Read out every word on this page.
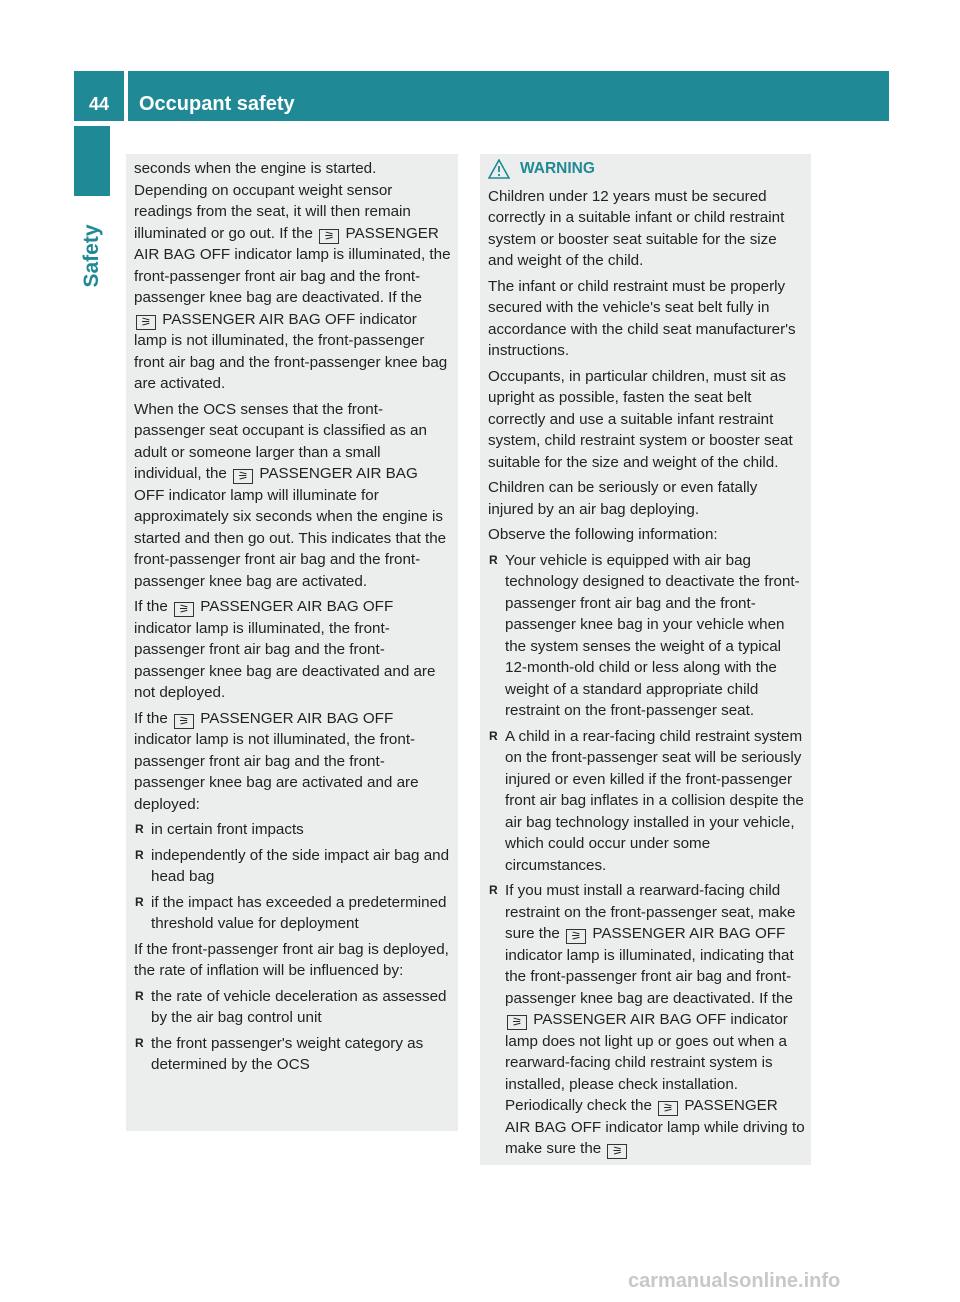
44	Occupant safety
Safety

seconds when the engine is started. Depending on occupant weight sensor readings from the seat, it will then remain illuminated or go out. If the ⚞ PASSENGER AIR BAG OFF indicator lamp is illuminated, the front-passenger front air bag and the front-passenger knee bag are deactivated. If the
⚞ PASSENGER AIR BAG OFF indicator lamp is not illuminated, the front-passenger front air bag and the front-passenger knee bag are activated.

When the OCS senses that the front-passenger seat occupant is classified as an adult or someone larger than a small individual, the ⚞ PASSENGER AIR BAG OFF indicator lamp will illuminate for approximately six seconds when the engine is started and then go out. This indicates that the front-passenger front air bag and the front-passenger knee bag are activated.

If the ⚞ PASSENGER AIR BAG OFF indicator lamp is illuminated, the front-passenger front air bag and the front-passenger knee bag are deactivated and are not deployed.

If the ⚞ PASSENGER AIR BAG OFF indicator lamp is not illuminated, the front-passenger front air bag and the front-passenger knee bag are activated and are deployed:

R in certain front impacts
R independently of the side impact air bag and head bag
R if the impact has exceeded a predetermined threshold value for deployment

If the front-passenger front air bag is deployed, the rate of inflation will be influenced by:

R the rate of vehicle deceleration as assessed by the air bag control unit
R the front passenger's weight category as determined by the OCS
WARNING

Children under 12 years must be secured correctly in a suitable infant or child restraint system or booster seat suitable for the size and weight of the child.

The infant or child restraint must be properly secured with the vehicle's seat belt fully in accordance with the child seat manufacturer's instructions.

Occupants, in particular children, must sit as upright as possible, fasten the seat belt correctly and use a suitable infant restraint system, child restraint system or booster seat suitable for the size and weight of the child.

Children can be seriously or even fatally injured by an air bag deploying.

Observe the following information:

R Your vehicle is equipped with air bag technology designed to deactivate the front-passenger front air bag and the front-passenger knee bag in your vehicle when the system senses the weight of a typical 12-month-old child or less along with the weight of a standard appropriate child restraint on the front-passenger seat.
R A child in a rear-facing child restraint system on the front-passenger seat will be seriously injured or even killed if the front-passenger front air bag inflates in a collision despite the air bag technology installed in your vehicle, which could occur under some circumstances.
R If you must install a rearward-facing child restraint on the front-passenger seat, make sure the ⚞ PASSENGER AIR BAG OFF indicator lamp is illuminated, indicating that the front-passenger front air bag and front-passenger knee bag are deactivated. If the ⚞ PASSENGER AIR BAG OFF indicator lamp does not light up or goes out when a rearward-facing child restraint system is installed, please check installation. Periodically check the ⚞ PASSENGER AIR BAG OFF indicator lamp while driving to make sure the ⚞
carmanualsonline.info
